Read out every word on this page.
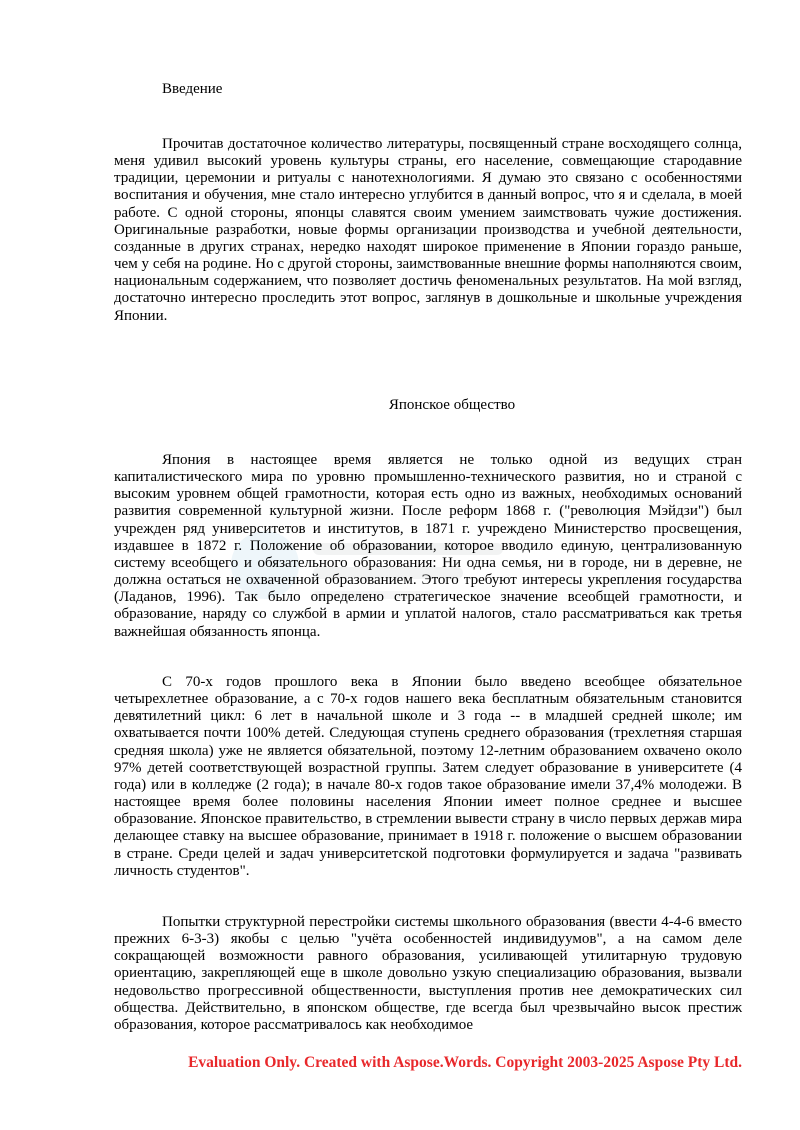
Введение

Прочитав достаточное количество литературы, посвященный стране восходящего солнца, меня удивил высокий уровень культуры страны, его население, совмещающие стародавние традиции, церемонии и ритуалы с нанотехнологиями. Я думаю это связано с особенностями воспитания и обучения, мне стало интересно углубится в данный вопрос, что я и сделала, в моей работе. С одной стороны, японцы славятся своим умением заимствовать чужие достижения. Оригинальные разработки, новые формы организации производства и учебной деятельности, созданные в других странах, нередко находят широкое применение в Японии гораздо раньше, чем у себя на родине. Но с другой стороны, заимствованные внешние формы наполняются своим, национальным содержанием, что позволяет достичь феноменальных результатов. На мой взгляд, достаточно интересно проследить этот вопрос, заглянув в дошкольные и школьные учреждения Японии.

Японское общество

Япония в настоящее время является не только одной из ведущих стран капиталистического мира по уровню промышленно-технического развития, но и страной с высоким уровнем общей грамотности, которая есть одно из важных, необходимых оснований развития современной культурной жизни. После реформ 1868 г. ("революция Мэйдзи") был учрежден ряд университетов и институтов, в 1871 г. учреждено Министерство просвещения, издавшее в 1872 г. Положение об образовании, которое вводило единую, централизованную систему всеобщего и обязательного образования: Ни одна семья, ни в городе, ни в деревне, не должна остаться не охваченной образованием. Этого требуют интересы укрепления государства (Ладанов, 1996). Так было определено стратегическое значение всеобщей грамотности, и образование, наряду со службой в армии и уплатой налогов, стало рассматриваться как третья важнейшая обязанность японца.

С 70-х годов прошлого века в Японии было введено всеобщее обязательное четырехлетнее образование, а с 70-х годов нашего века бесплатным обязательным становится девятилетний цикл: 6 лет в начальной школе и 3 года -- в младшей средней школе; им охватывается почти 100% детей. Следующая ступень среднего образования (трехлетняя старшая средняя школа) уже не является обязательной, поэтому 12-летним образованием охвачено около 97% детей соответствующей возрастной группы. Затем следует образование в университете (4 года) или в колледже (2 года); в начале 80-х годов такое образование имели 37,4% молодежи. В настоящее время более половины населения Японии имеет полное среднее и высшее образование. Японское правительство, в стремлении вывести страну в число первых держав мира делающее ставку на высшее образование, принимает в 1918 г. положение о высшем образовании в стране. Среди целей и задач университетской подготовки формулируется и задача "развивать личность студентов".

Попытки структурной перестройки системы школьного образования (ввести 4-4-6 вместо прежних 6-3-3) якобы с целью "учёта особенностей индивидуумов", а на самом деле сокращающей возможности равного образования, усиливающей утилитарную трудовую ориентацию, закрепляющей еще в школе довольно узкую специализацию образования, вызвали недовольство прогрессивной общественности, выступления против нее демократических сил общества. Действительно, в японском обществе, где всегда был чрезвычайно высок престиж образования, которое рассматривалось как необходимое

Evaluation Only. Created with Aspose.Words. Copyright 2003-2025 Aspose Pty Ltd.
